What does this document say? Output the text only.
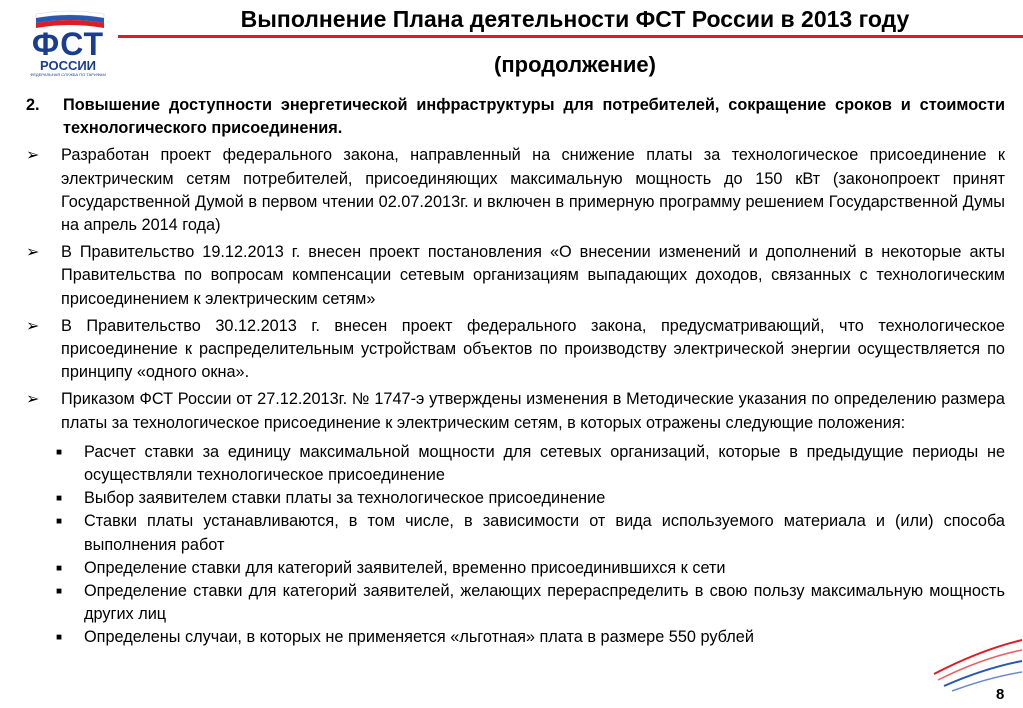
ФСТ
РОССИИ
ФЕДЕРАЛЬНАЯ СЛУЖБА ПО ТАРИФАМ
Выполнение Плана деятельности ФСТ России в 2013 году
(продолжение)
2.	Повышение доступности энергетической инфраструктуры для потребителей, сокращение сроков и стоимости технологического присоединения.
➢	Разработан проект федерального закона, направленный на снижение платы за технологическое присоединение к электрическим сетям потребителей, присоединяющих максимальную мощность до 150 кВт (законопроект принят Государственной Думой в первом чтении 02.07.2013г. и включен в примерную программу решением Государственной Думы на апрель 2014 года)
➢	В Правительство 19.12.2013 г. внесен проект постановления «О внесении изменений и дополнений в некоторые акты Правительства по вопросам компенсации сетевым организациям выпадающих доходов, связанных с технологическим присоединением к электрическим сетям»
➢	В Правительство 30.12.2013 г. внесен проект федерального закона, предусматривающий, что технологическое присоединение к распределительным устройствам объектов по производству электрической энергии осуществляется по принципу «одного окна».
➢	Приказом ФСТ России от 27.12.2013г. № 1747-э утверждены изменения в Методические указания по определению размера платы за технологическое присоединение к электрическим сетям, в которых отражены следующие положения:
■	Расчет ставки за единицу максимальной мощности для сетевых организаций, которые в предыдущие периоды не осуществляли технологическое присоединение
■	Выбор заявителем ставки платы за технологическое присоединение
■	Ставки платы устанавливаются, в том числе, в зависимости от вида используемого материала и (или) способа выполнения работ
■	Определение ставки для категорий заявителей, временно присоединившихся к сети
■	Определение ставки для категорий заявителей, желающих перераспределить в свою пользу максимальную мощность других лиц
■	Определены случаи, в которых не применяется «льготная» плата в размере 550 рублей
8
